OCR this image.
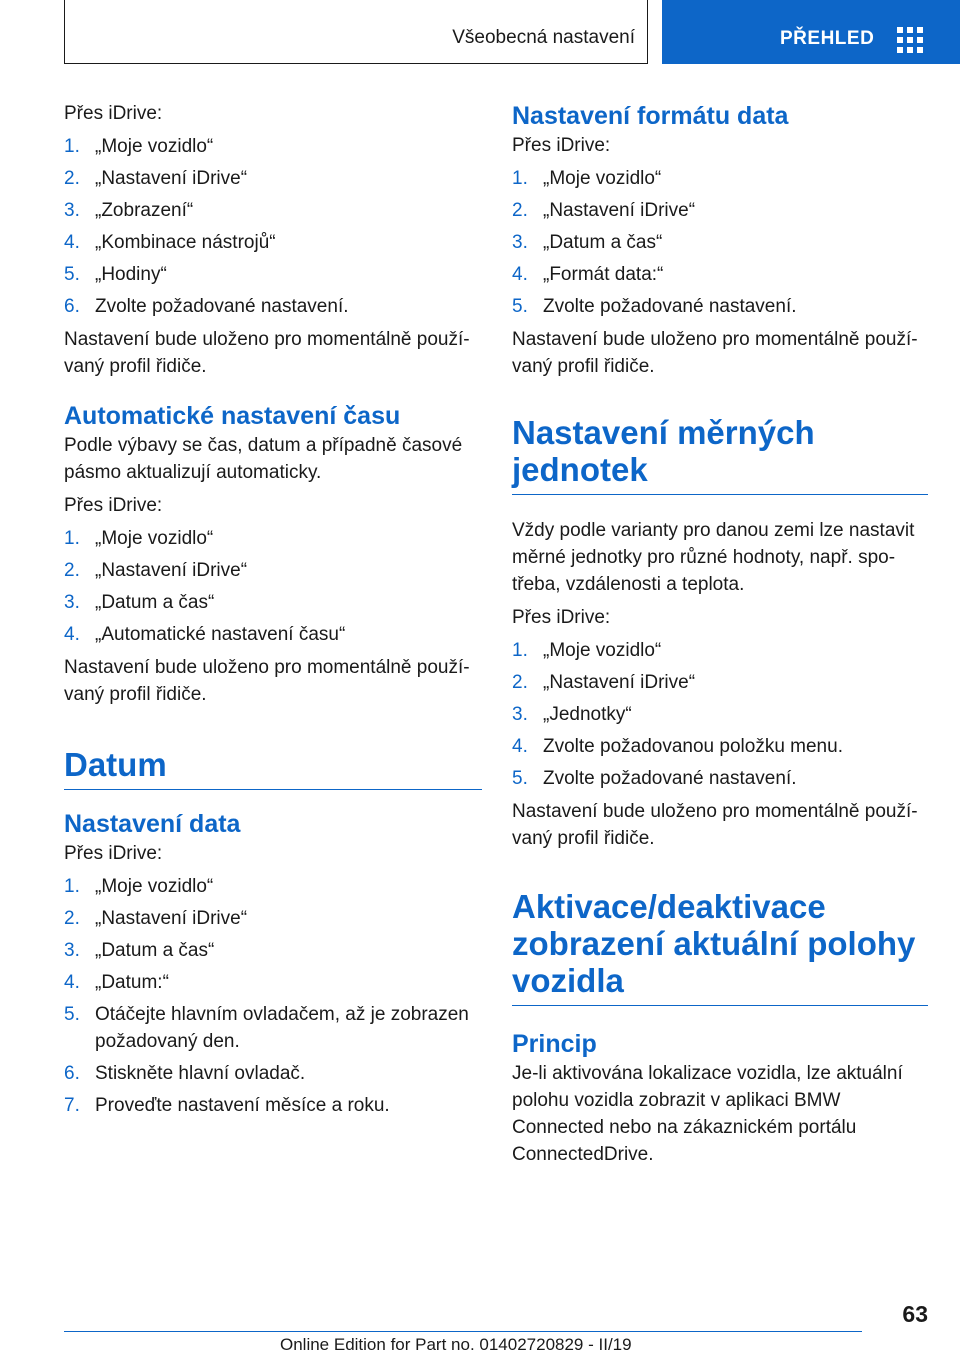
Všeobecná nastavení	PŘEHLED

Přes iDrive:

1. „Moje vozidlo“
2. „Nastavení iDrive“
3. „Zobrazení“
4. „Kombinace nástrojů“
5. „Hodiny“
6. Zvolte požadované nastavení.

Nastavení bude uloženo pro momentálně používaný profil řidiče.

Automatické nastavení času

Podle výbavy se čas, datum a případně časové pásmo aktualizují automaticky.

Přes iDrive:

1. „Moje vozidlo“
2. „Nastavení iDrive“
3. „Datum a čas“
4. „Automatické nastavení času“

Nastavení bude uloženo pro momentálně používaný profil řidiče.

Datum
Nastavení data

Přes iDrive:

1. „Moje vozidlo“
2. „Nastavení iDrive“
3. „Datum a čas“
4. „Datum:“
5. Otáčejte hlavním ovladačem, až je zobrazen požadovaný den.
6. Stiskněte hlavní ovladač.
7. Proveďte nastavení měsíce a roku.
Nastavení formátu data

Přes iDrive:

1. „Moje vozidlo“
2. „Nastavení iDrive“
3. „Datum a čas“
4. „Formát data:“
5. Zvolte požadované nastavení.

Nastavení bude uloženo pro momentálně používaný profil řidiče.

Nastavení měrných jednotek

Vždy podle varianty pro danou zemi lze nastavit měrné jednotky pro různé hodnoty, např. spotřeba, vzdálenosti a teplota.

Přes iDrive:

1. „Moje vozidlo“
2. „Nastavení iDrive“
3. „Jednotky“
4. Zvolte požadovanou položku menu.
5. Zvolte požadované nastavení.

Nastavení bude uloženo pro momentálně používaný profil řidiče.

Aktivace/deaktivace zobrazení aktuální polohy vozidla
Princip

Je-li aktivována lokalizace vozidla, lze aktuální polohu vozidla zobrazit v aplikaci BMW Connected nebo na zákaznickém portálu ConnectedDrive.

63
Online Edition for Part no. 01402720829 - II/19
